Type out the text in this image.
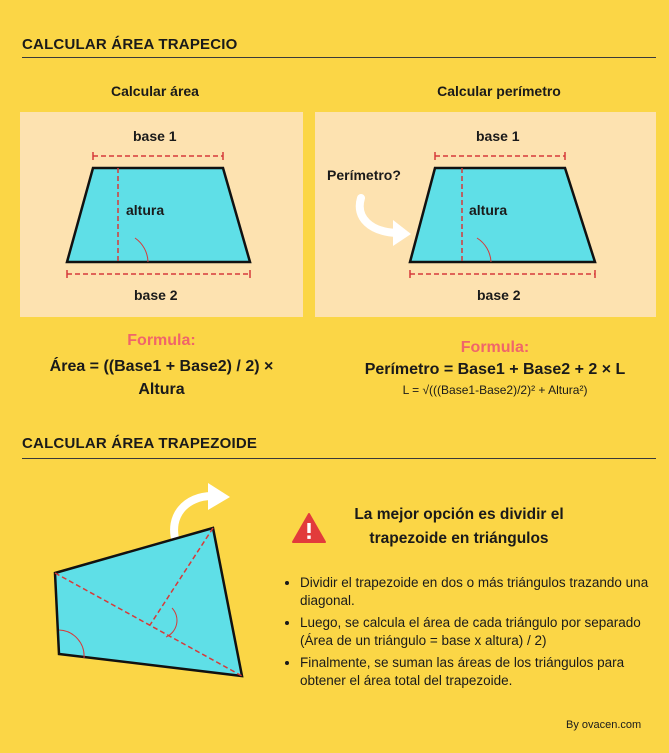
CALCULAR ÁREA TRAPECIO
Calcular área
base 1
altura
base 2
Formula:
Área = ((Base1 + Base2) / 2) ×
Altura
Calcular perímetro
base 1
Perímetro?
altura
base 2
Formula:
Perímetro = Base1 + Base2 + 2 × L
L = √(((Base1-Base2)/2)² + Altura²)
CALCULAR ÁREA TRAPEZOIDE
La mejor opción es dividir el
trapezoide en triángulos
• Dividir el trapezoide en dos o más triángulos trazando una diagonal.
• Luego, se calcula el área de cada triángulo por separado (Área de un triángulo = base x altura) / 2)
• Finalmente, se suman las áreas de los triángulos para obtener el área total del trapezoide.
By ovacen.com
